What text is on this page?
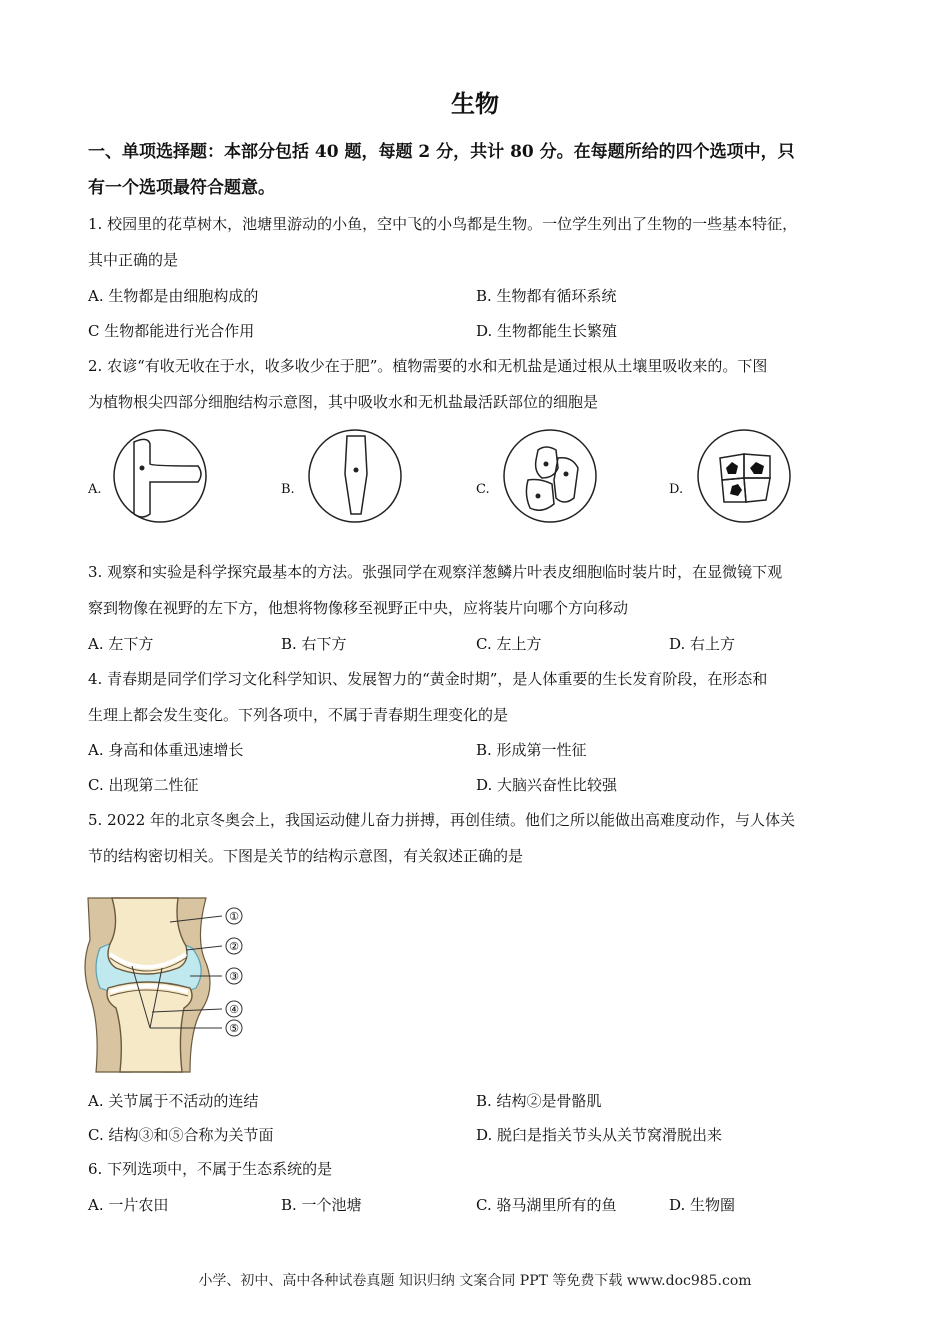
生物
一、单项选择题：本部分包括 40 题，每题 2 分，共计 80 分。在每题所给的四个选项中，只
有一个选项最符合题意。
1. 校园里的花草树木，池塘里游动的小鱼，空中飞的小鸟都是生物。一位学生列出了生物的一些基本特征，
其中正确的是
A. 生物都是由细胞构成的	B. 生物都有循环系统
C 生物都能进行光合作用	D. 生物都能生长繁殖
2. 农谚“有收无收在于水，收多收少在于肥”。植物需要的水和无机盐是通过根从土壤里吸收来的。下图
为植物根尖四部分细胞结构示意图，其中吸收水和无机盐最活跃部位的细胞是
A.	B.	C.	D.
3. 观察和实验是科学探究最基本的方法。张强同学在观察洋葱鳞片叶表皮细胞临时装片时，在显微镜下观
察到物像在视野的左下方，他想将物像移至视野正中央，应将装片向哪个方向移动
A. 左下方	B. 右下方	C. 左上方	D. 右上方
4. 青春期是同学们学习文化科学知识、发展智力的“黄金时期”，是人体重要的生长发育阶段，在形态和
生理上都会发生变化。下列各项中，不属于青春期生理变化的是
A. 身高和体重迅速增长	B. 形成第一性征
C. 出现第二性征	D. 大脑兴奋性比较强
5. 2022 年的北京冬奥会上，我国运动健儿奋力拼搏，再创佳绩。他们之所以能做出高难度动作，与人体关
节的结构密切相关。下图是关节的结构示意图，有关叙述正确的是
①
②
③
④
⑤
A. 关节属于不活动的连结	B. 结构②是骨骼肌
C. 结构③和⑤合称为关节面	D. 脱臼是指关节头从关节窝滑脱出来
6. 下列选项中，不属于生态系统的是
A. 一片农田	B. 一个池塘	C. 骆马湖里所有的鱼	D. 生物圈
小学、初中、高中各种试卷真题 知识归纳 文案合同 PPT 等免费下载 www.doc985.com
